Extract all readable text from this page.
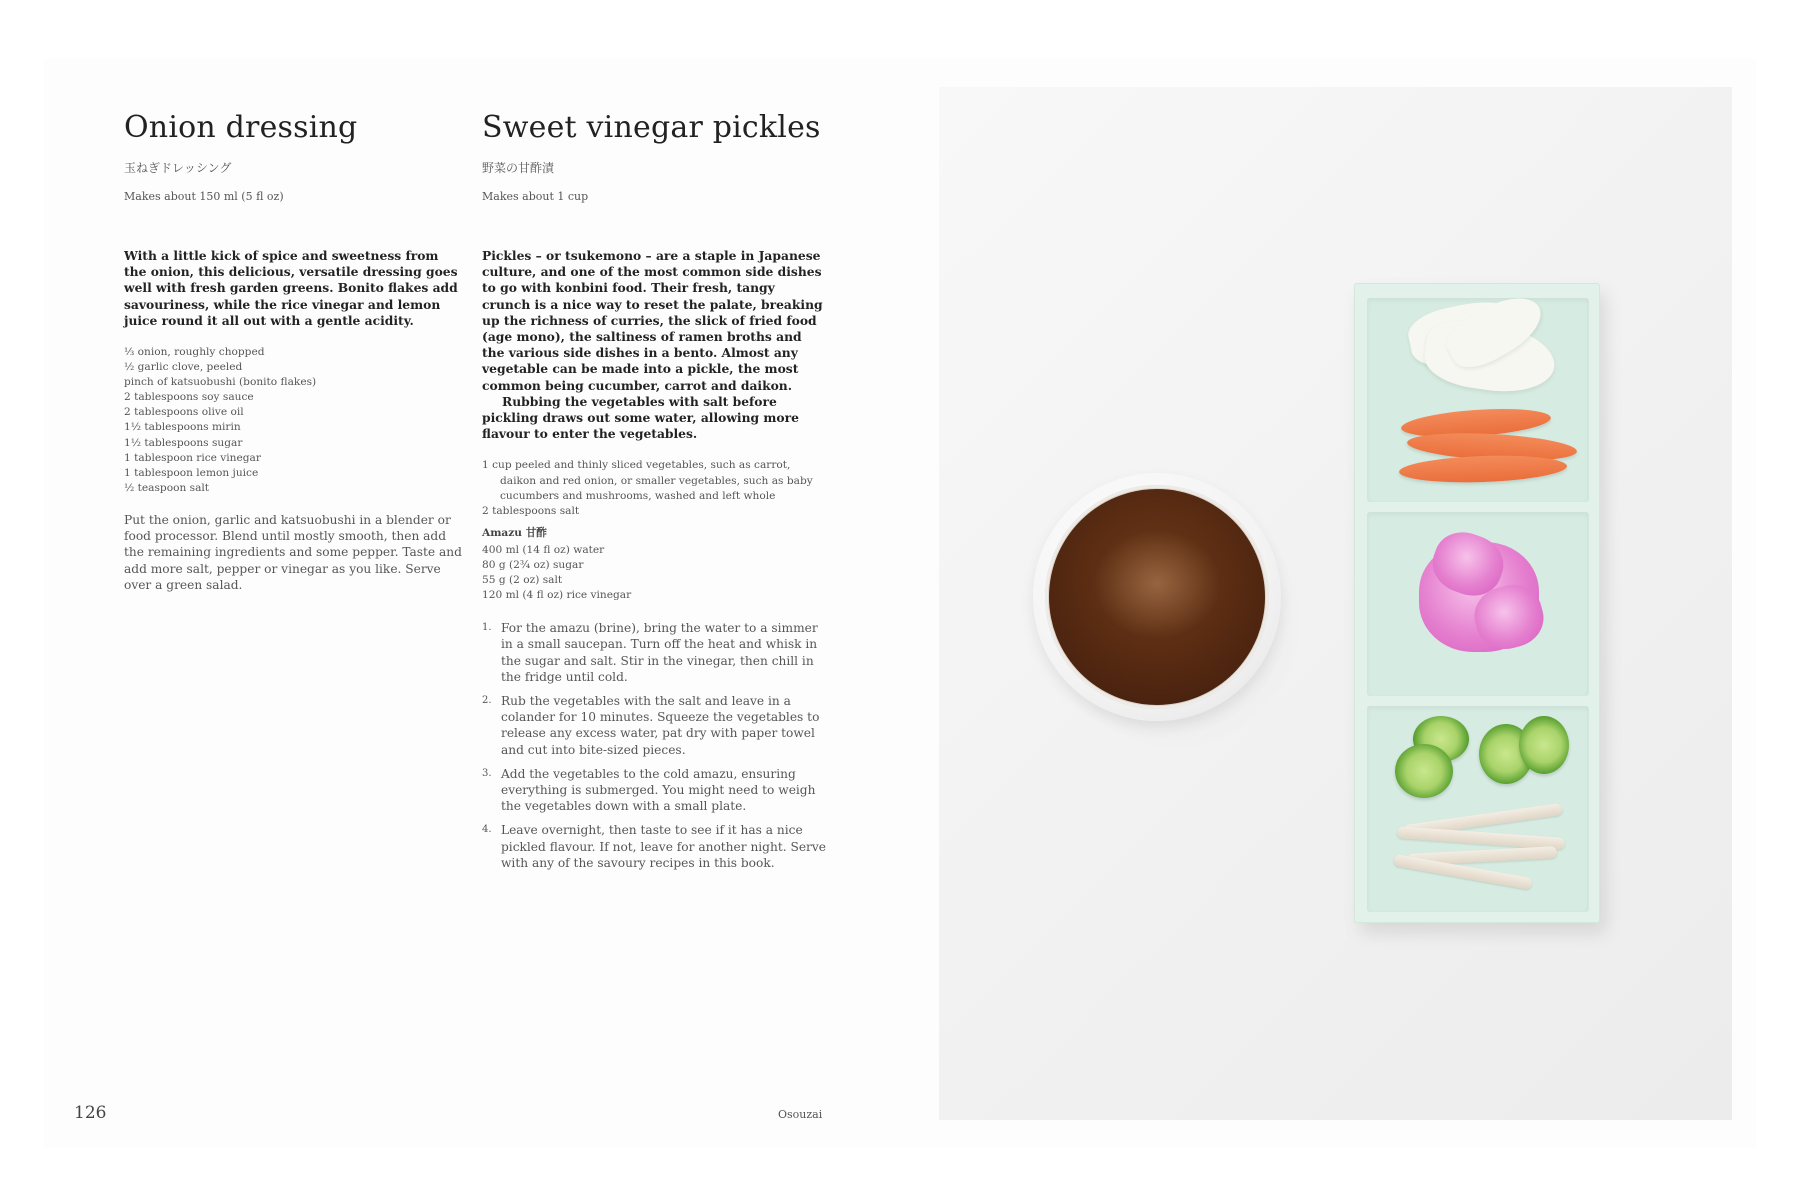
Onion dressing
玉ねぎドレッシング
Makes about 150 ml (5 fl oz)

With a little kick of spice and sweetness from the onion, this delicious, versatile dressing goes well with fresh garden greens. Bonito flakes add savouriness, while the rice vinegar and lemon juice round it all out with a gentle acidity.

⅓ onion, roughly chopped
½ garlic clove, peeled
pinch of katsuobushi (bonito flakes)
2 tablespoons soy sauce
2 tablespoons olive oil
1½ tablespoons mirin
1½ tablespoons sugar
1 tablespoon rice vinegar
1 tablespoon lemon juice
½ teaspoon salt

Put the onion, garlic and katsuobushi in a blender or food processor. Blend until mostly smooth, then add the remaining ingredients and some pepper. Taste and add more salt, pepper or vinegar as you like. Serve over a green salad.

Sweet vinegar pickles
野菜の甘酢漬
Makes about 1 cup

Pickles – or tsukemono – are a staple in Japanese culture, and one of the most common side dishes to go with konbini food. Their fresh, tangy crunch is a nice way to reset the palate, breaking up the richness of curries, the slick of fried food (age mono), the saltiness of ramen broths and the various side dishes in a bento. Almost any vegetable can be made into a pickle, the most common being cucumber, carrot and daikon.

Rubbing the vegetables with salt before pickling draws out some water, allowing more flavour to enter the vegetables.

1 cup peeled and thinly sliced vegetables, such as carrot, daikon and red onion, or smaller vegetables, such as baby cucumbers and mushrooms, washed and left whole
2 tablespoons salt
Amazu 甘酢
400 ml (14 fl oz) water
80 g (2¾ oz) sugar
55 g (2 oz) salt
120 ml (4 fl oz) rice vinegar
1. For the amazu (brine), bring the water to a simmer in a small saucepan. Turn off the heat and whisk in the sugar and salt. Stir in the vinegar, then chill in the fridge until cold.
2. Rub the vegetables with the salt and leave in a colander for 10 minutes. Squeeze the vegetables to release any excess water, pat dry with paper towel and cut into bite-sized pieces.
3. Add the vegetables to the cold amazu, ensuring everything is submerged. You might need to weigh the vegetables down with a small plate.
4. Leave overnight, then taste to see if it has a nice pickled flavour. If not, leave for another night. Serve with any of the savoury recipes in this book.
126	Osouzai
